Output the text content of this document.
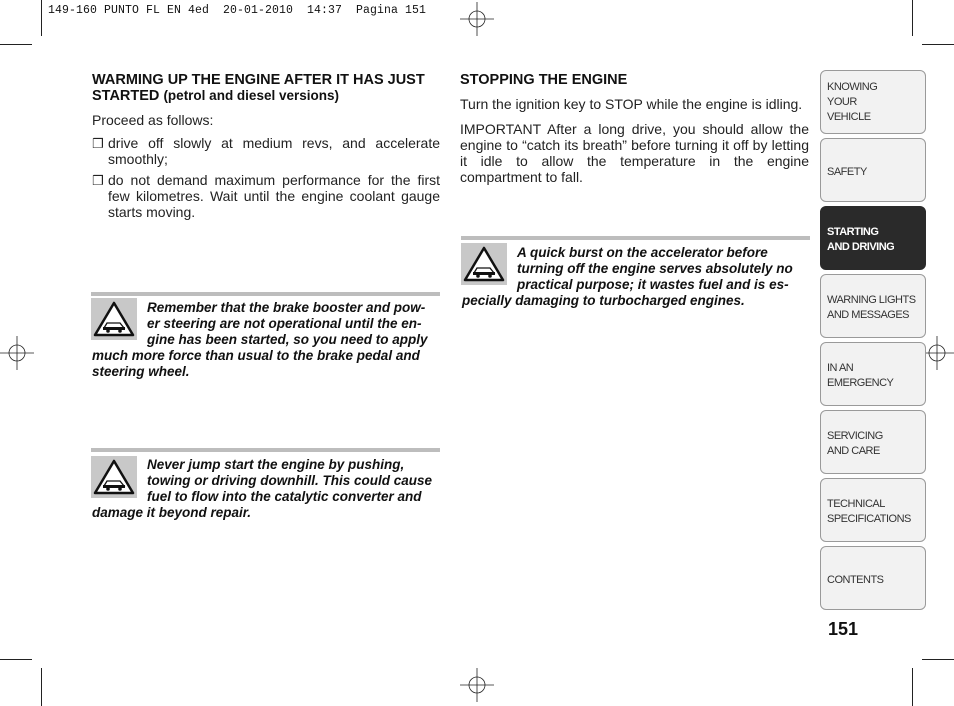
149-160 PUNTO FL EN 4ed  20-01-2010  14:37  Pagina 151
WARMING UP THE ENGINE AFTER IT HAS JUST STARTED (petrol and diesel versions)
Proceed as follows:
❒ drive off slowly at medium revs, and accelerate smoothly;
❒ do not demand maximum performance for the first few kilometres. Wait until the engine coolant gauge starts moving.
Remember that the brake booster and pow-
er steering are not operational until the en-
gine has been started, so you need to apply
much more force than usual to the brake pedal and
steering wheel.
Never jump start the engine by pushing,
towing or driving downhill. This could cause
fuel to flow into the catalytic converter and
damage it beyond repair.
STOPPING THE ENGINE
Turn the ignition key to STOP while the engine is idling.
IMPORTANT After a long drive, you should allow the engine to “catch its breath” before turning it off by letting it idle to allow the temperature in the engine compartment to fall.
A quick burst on the accelerator before
turning off the engine serves absolutely no
practical purpose; it wastes fuel and is es-
pecially damaging to turbocharged engines.
KNOWING
YOUR
VEHICLE
SAFETY
STARTING
AND DRIVING
WARNING LIGHTS
AND MESSAGES
IN AN
EMERGENCY
SERVICING
AND CARE
TECHNICAL
SPECIFICATIONS
CONTENTS
151
